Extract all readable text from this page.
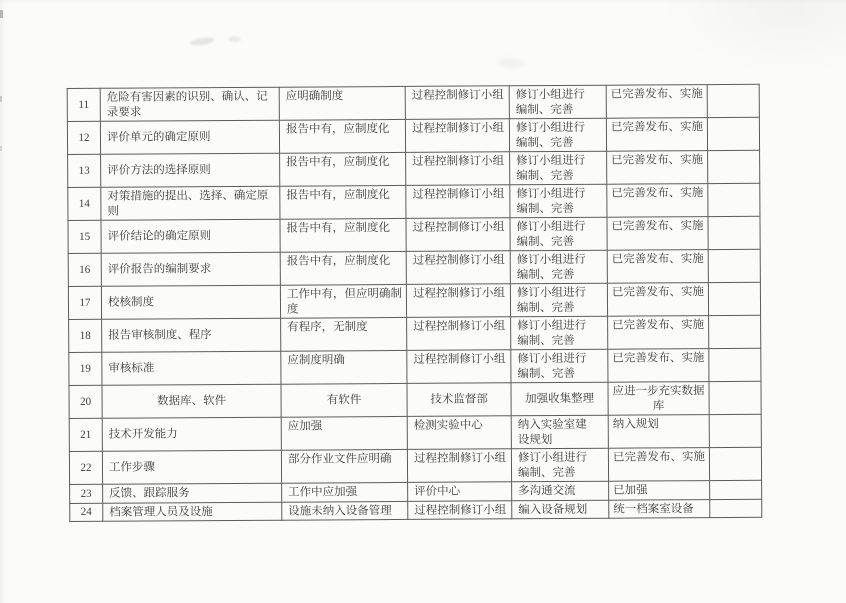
11	危险有害因素的识别、确认、记录要求	应明确制度	过程控制修订小组	修订小组进行编制、完善	已完善发布、实施	
12	评价单元的确定原则	报告中有，应制度化	过程控制修订小组	修订小组进行编制、完善	已完善发布、实施	
13	评价方法的选择原则	报告中有，应制度化	过程控制修订小组	修订小组进行编制、完善	已完善发布、实施	
14	对策措施的提出、选择、确定原则	报告中有，应制度化	过程控制修订小组	修订小组进行编制、完善	已完善发布、实施	
15	评价结论的确定原则	报告中有，应制度化	过程控制修订小组	修订小组进行编制、完善	已完善发布、实施	
16	评价报告的编制要求	报告中有，应制度化	过程控制修订小组	修订小组进行编制、完善	已完善发布、实施	
17	校核制度	工作中有，但应明确制度	过程控制修订小组	修订小组进行编制、完善	已完善发布、实施	
18	报告审核制度、程序	有程序，无制度	过程控制修订小组	修订小组进行编制、完善	已完善发布、实施	
19	审核标准	应制度明确	过程控制修订小组	修订小组进行编制、完善	已完善发布、实施	
20	数据库、软件	有软件	技术监督部	加强收集整理	应进一步充实数据库	
21	技术开发能力	应加强	检测实验中心	纳入实验室建设规划	纳入规划	
22	工作步骤	部分作业文件应明确	过程控制修订小组	修订小组进行编制、完善	已完善发布、实施	
23	反馈、跟踪服务	工作中应加强	评价中心	多沟通交流	已加强	
24	档案管理人员及设施	设施未纳入设备管理	过程控制修订小组	编入设备规划	统一档案室设备	
